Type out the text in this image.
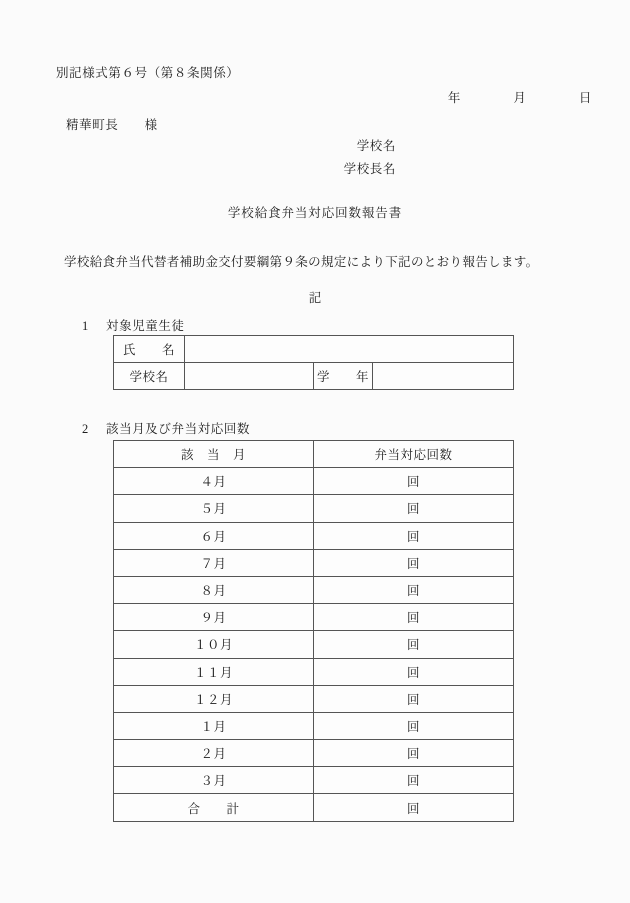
別記様式第６号（第８条関係）
年　　　　月　　　　日
精華町長　　様
学校名
学校長名
学校給食弁当対応回数報告書
学校給食弁当代替者補助金交付要綱第９条の規定により下記のとおり報告します。
記
1 対象児童生徒
氏　　名			
学校名		学　　年	
2 該当月及び弁当対応回数
該　当　月	弁当対応回数
４月	回
５月	回
６月	回
７月	回
８月	回
９月	回
１０月	回
１１月	回
１２月	回
１月	回
２月	回
３月	回
合　　計	回
